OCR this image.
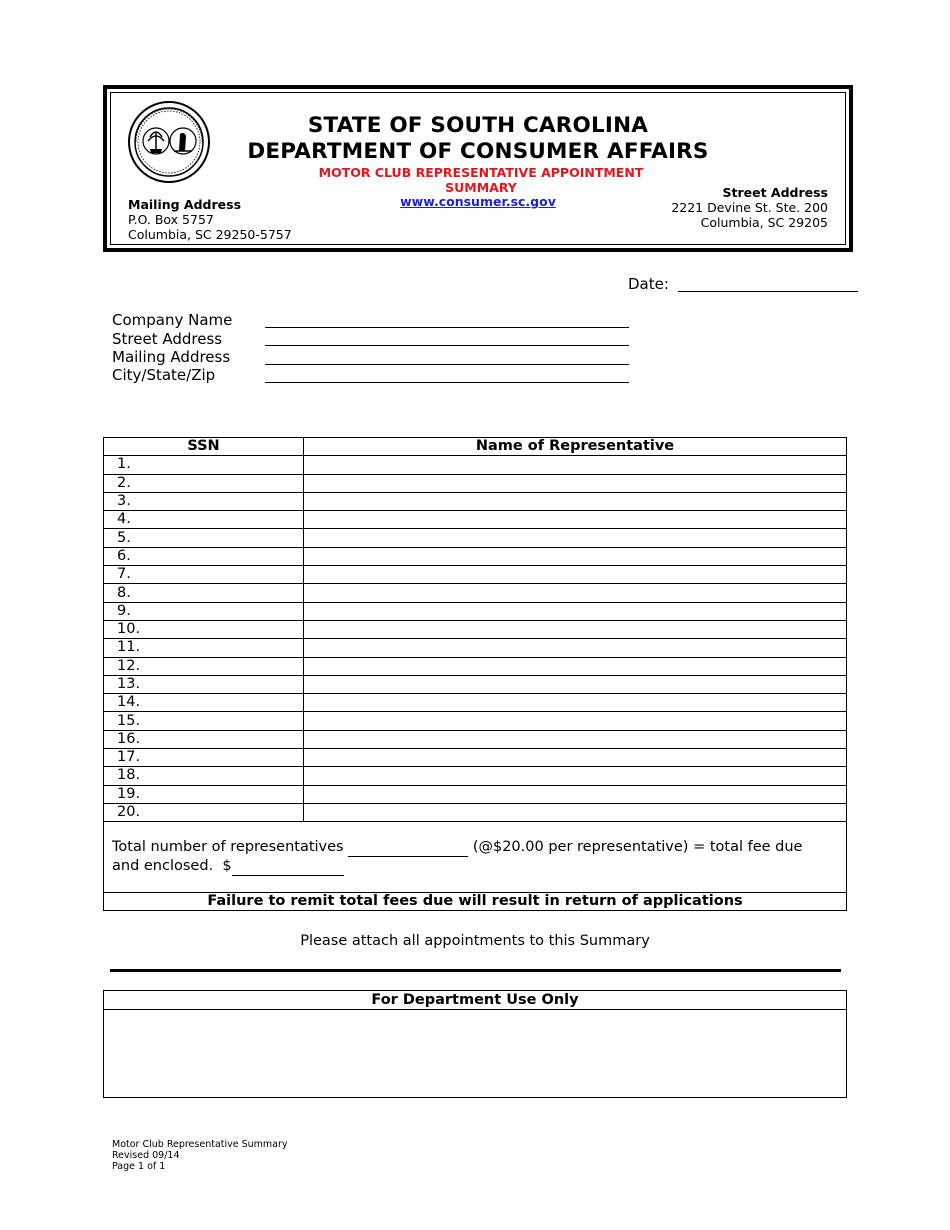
STATE OF SOUTH CAROLINA
DEPARTMENT OF CONSUMER AFFAIRS
MOTOR CLUB REPRESENTATIVE APPOINTMENT SUMMARY
www.consumer.sc.gov
Mailing Address
P.O. Box 5757
Columbia, SC 29250-5757
Street Address
2221 Devine St. Ste. 200
Columbia, SC 29205
Date:
Company Name
Street Address
Mailing Address
City/State/Zip
SSN	Name of Representative
1.	
2.	
3.	
4.	
5.	
6.	
7.	
8.	
9.	
10.	
11.	
12.	
13.	
14.	
15.	
16.	
17.	
18.	
19.	
20.	
Total number of representatives (@$20.00 per representative) = total fee due
and enclosed. $	
Failure to remit total fees due will result in return of applications	
Please attach all appointments to this Summary
For Department Use Only
Motor Club Representative Summary
Revised 09/14
Page 1 of 1
